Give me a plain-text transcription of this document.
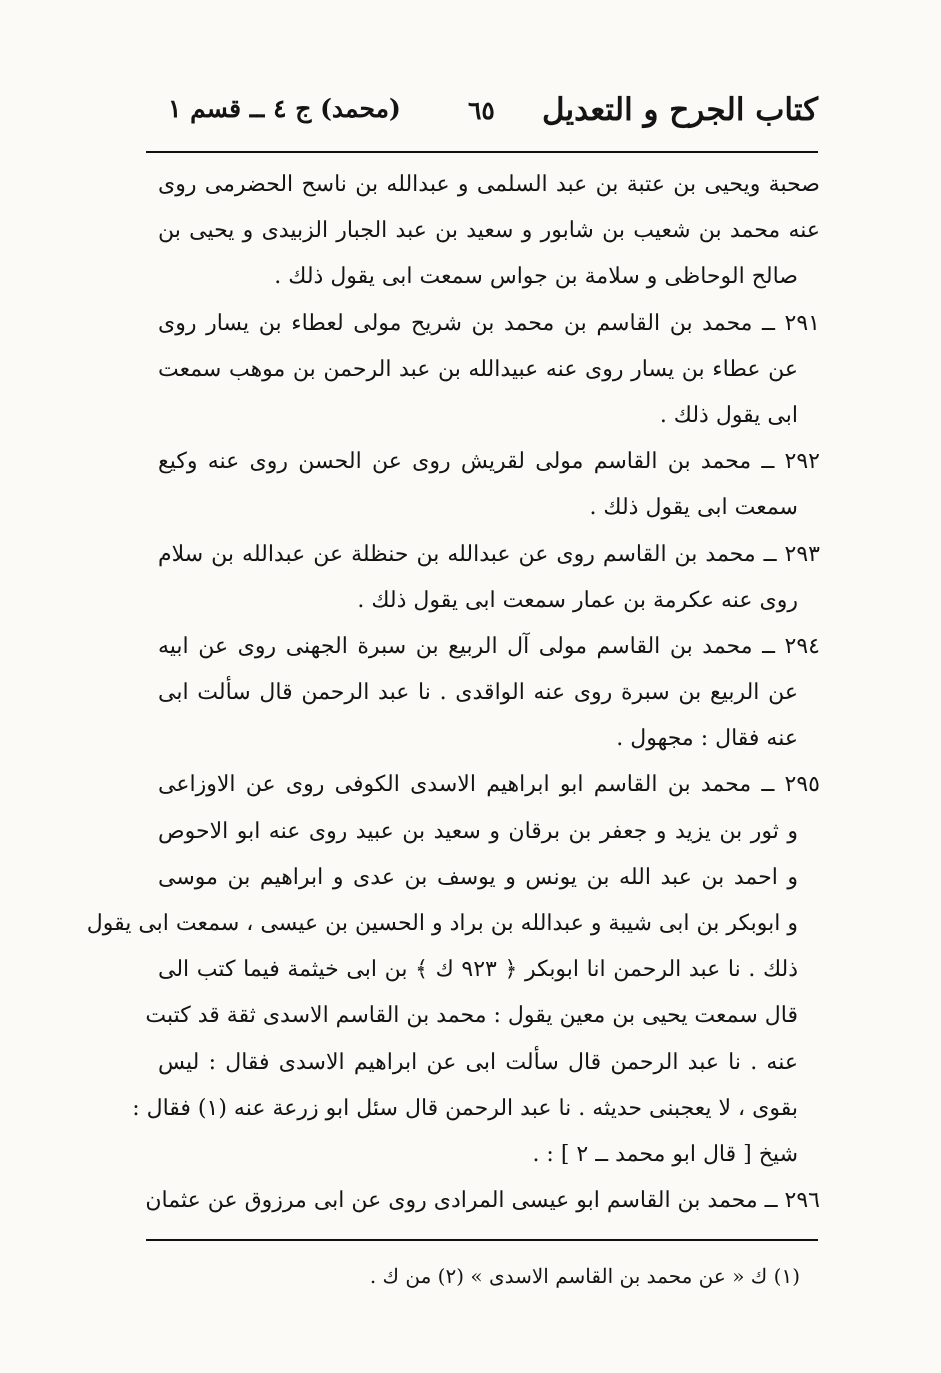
كتاب الجرح و التعديل
٦٥
(محمد) ج ٤ ــ قسم ١
صحبة ويحيى بن عتبة بن عبد السلمى و عبدالله بن ناسح الحضرمى روى
عنه محمد بن شعيب بن شابور و سعيد بن عبد الجبار الزبيدى و يحيى بن
صالح الوحاظى و سلامة بن جواس سمعت ابى يقول ذلك .
٢٩١ ــ محمد بن القاسم بن محمد بن شريح مولى لعطاء بن يسار روى
عن عطاء بن يسار روى عنه عبيدالله بن عبد الرحمن بن موهب سمعت
ابى يقول ذلك .
٢٩٢ ــ محمد بن القاسم مولى لقريش روى عن الحسن روى عنه وكيع
سمعت ابى يقول ذلك .
٢٩٣ ــ محمد بن القاسم روى عن عبدالله بن حنظلة عن عبدالله بن سلام
روى عنه عكرمة بن عمار سمعت ابى يقول ذلك .
٢٩٤ ــ محمد بن القاسم مولى آل الربيع بن سبرة الجهنى روى عن ابيه
عن الربيع بن سبرة روى عنه الواقدى . نا عبد الرحمن قال سألت ابى
عنه فقال : مجهول .
٢٩٥ ــ محمد بن القاسم ابو ابراهيم الاسدى الكوفى روى عن الاوزاعى
و ثور بن يزيد و جعفر بن برقان و سعيد بن عبيد روى عنه ابو الاحوص
و احمد بن عبد الله بن يونس و يوسف بن عدى و ابراهيم بن موسى
و ابوبكر بن ابى شيبة و عبدالله بن براد و الحسين بن عيسى ، سمعت ابى يقول
ذلك . نا عبد الرحمن انا ابوبكر ﴿ ٩٢٣ ك ﴾ بن ابى خيثمة فيما كتب الى
قال سمعت يحيى بن معين يقول : محمد بن القاسم الاسدى ثقة قد كتبت
عنه . نا عبد الرحمن قال سألت ابى عن ابراهيم الاسدى فقال : ليس
بقوى ، لا يعجبنى حديثه . نا عبد الرحمن قال سئل ابو زرعة عنه (١) فقال :
شيخ [ قال ابو محمد ــ ٢ ] : .
٢٩٦ ــ محمد بن القاسم ابو عيسى المرادى روى عن ابى مرزوق عن عثمان
(١) ك « عن محمد بن القاسم الاسدى » (٢) من ك .
